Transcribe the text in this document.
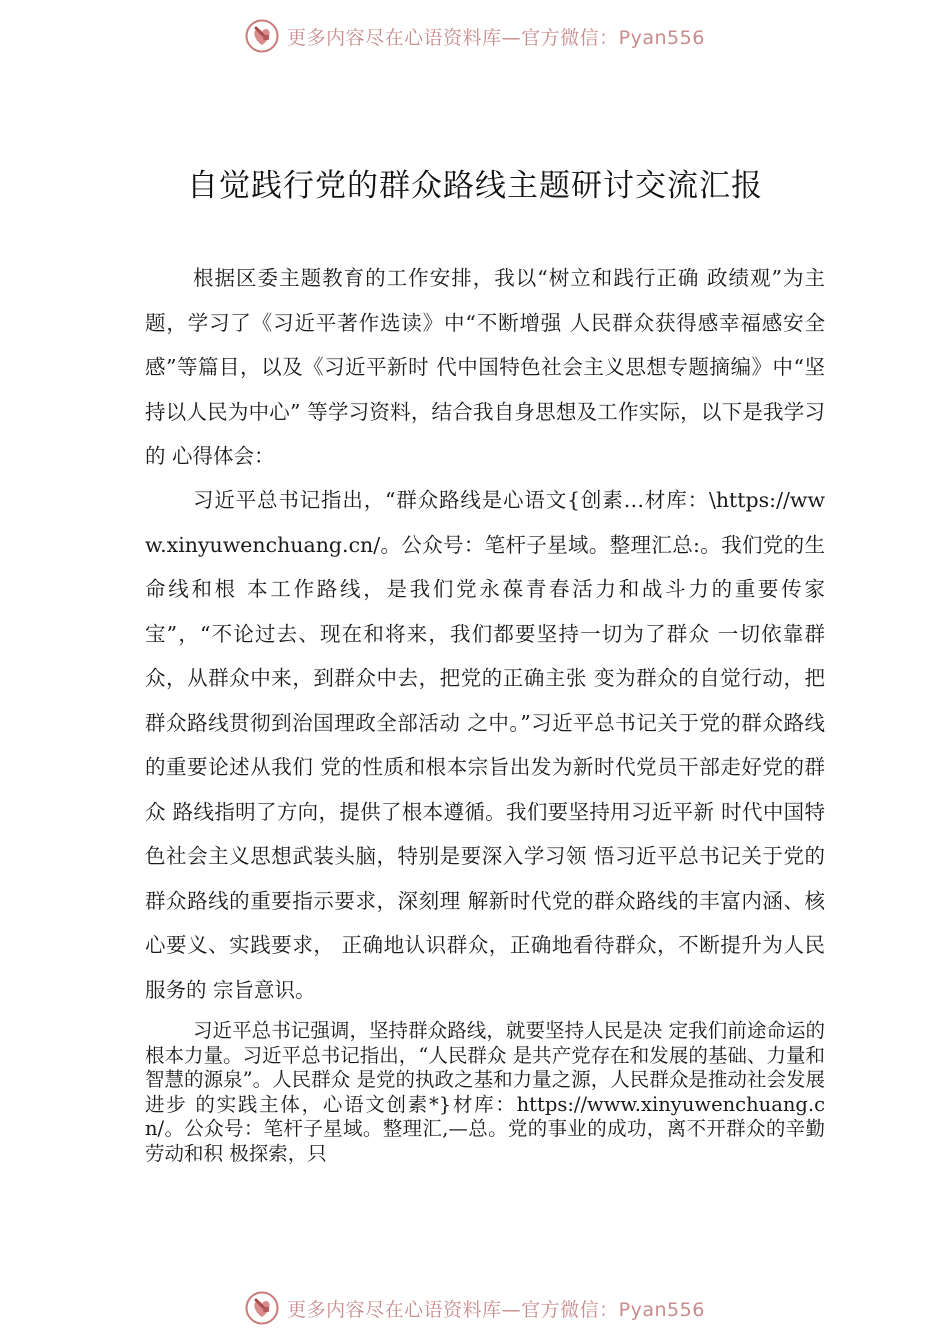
更多内容尽在心语资料库—官方微信：Pyan556
自觉践行党的群众路线主题研讨交流汇报

根据区委主题教育的工作安排，我以“树立和践行正确 政绩观”为主题，学习了《习近平著作选读》中“不断增强 人民群众获得感幸福感安全感”等篇目，以及《习近平新时 代中国特色社会主义思想专题摘编》中“坚持以人民为中心” 等学习资料，结合我自身思想及工作实际，以下是我学习的 心得体会：

习近平总书记指出，“群众路线是心语文{创素…材库：\https://www.xinyuwenchuang.cn/。公众号：笔杆子星域。整理汇总:。我们党的生命线和根 本工作路线，是我们党永葆青春活力和战斗力的重要传家 宝”，“不论过去、现在和将来，我们都要坚持一切为了群众 一切依靠群众，从群众中来，到群众中去，把党的正确主张 变为群众的自觉行动，把群众路线贯彻到治国理政全部活动 之中。”习近平总书记关于党的群众路线的重要论述从我们 党的性质和根本宗旨出发为新时代党员干部走好党的群众 路线指明了方向，提供了根本遵循。我们要坚持用习近平新 时代中国特色社会主义思想武装头脑，特别是要深入学习领 悟习近平总书记关于党的群众路线的重要指示要求，深刻理 解新时代党的群众路线的丰富内涵、核心要义、实践要求， 正确地认识群众，正确地看待群众，不断提升为人民服务的 宗旨意识。

习近平总书记强调，坚持群众路线，就要坚持人民是决 定我们前途命运的根本力量。习近平总书记指出，“人民群众 是共产党存在和发展的基础、力量和智慧的源泉”。人民群众 是党的执政之基和力量之源，人民群众是推动社会发展进步 的实践主体，心语文创素*}材库：https://www.xinyuwenchuang.cn/。公众号：笔杆子星域。整理汇,—总。党的事业的成功，离不开群众的辛勤劳动和积 极探索，只

更多内容尽在心语资料库—官方微信：Pyan556
